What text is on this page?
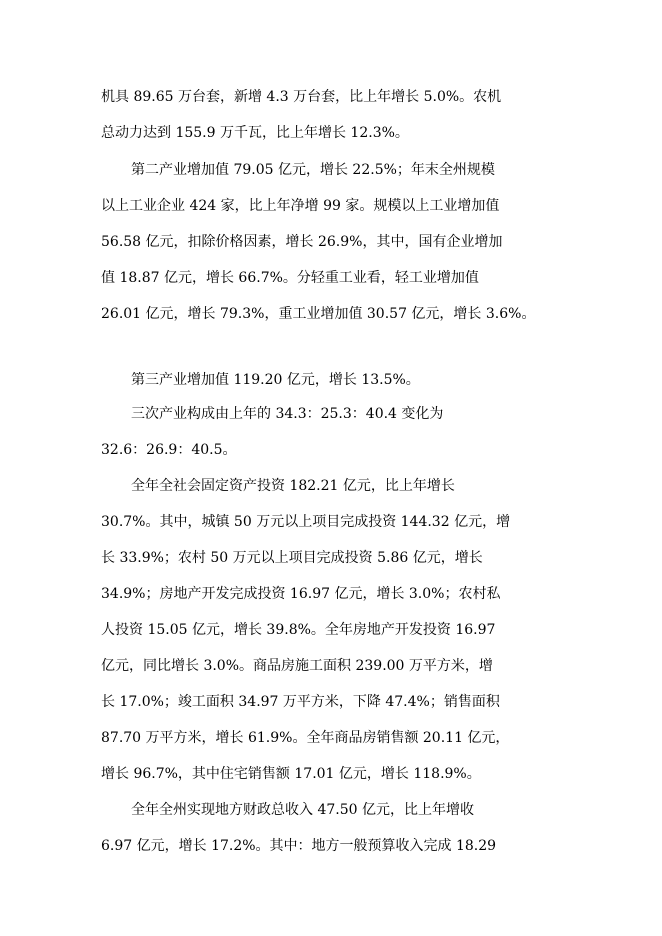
机具 89.65 万台套，新增 4.3 万台套，比上年增长 5.0%。农机
总动力达到 155.9 万千瓦，比上年增长 12.3%。
第二产业增加值 79.05 亿元，增长 22.5%；年末全州规模
以上工业企业 424 家，比上年净增 99 家。规模以上工业增加值
56.58 亿元，扣除价格因素，增长 26.9%，其中，国有企业增加
值 18.87 亿元，增长 66.7%。分轻重工业看，轻工业增加值
26.01 亿元，增长 79.3%，重工业增加值 30.57 亿元，增长 3.6%。
第三产业增加值 119.20 亿元，增长 13.5%。
三次产业构成由上年的 34.3：25.3：40.4 变化为
32.6：26.9：40.5。
全年全社会固定资产投资 182.21 亿元，比上年增长
30.7%。其中，城镇 50 万元以上项目完成投资 144.32 亿元，增
长 33.9%；农村 50 万元以上项目完成投资 5.86 亿元，增长
34.9%；房地产开发完成投资 16.97 亿元，增长 3.0%；农村私
人投资 15.05 亿元，增长 39.8%。全年房地产开发投资 16.97
亿元，同比增长 3.0%。商品房施工面积 239.00 万平方米，增
长 17.0%；竣工面积 34.97 万平方米，下降 47.4%；销售面积
87.70 万平方米，增长 61.9%。全年商品房销售额 20.11 亿元，
增长 96.7%，其中住宅销售额 17.01 亿元，增长 118.9%。
全年全州实现地方财政总收入 47.50 亿元，比上年增收
6.97 亿元，增长 17.2%。其中：地方一般预算收入完成 18.29
